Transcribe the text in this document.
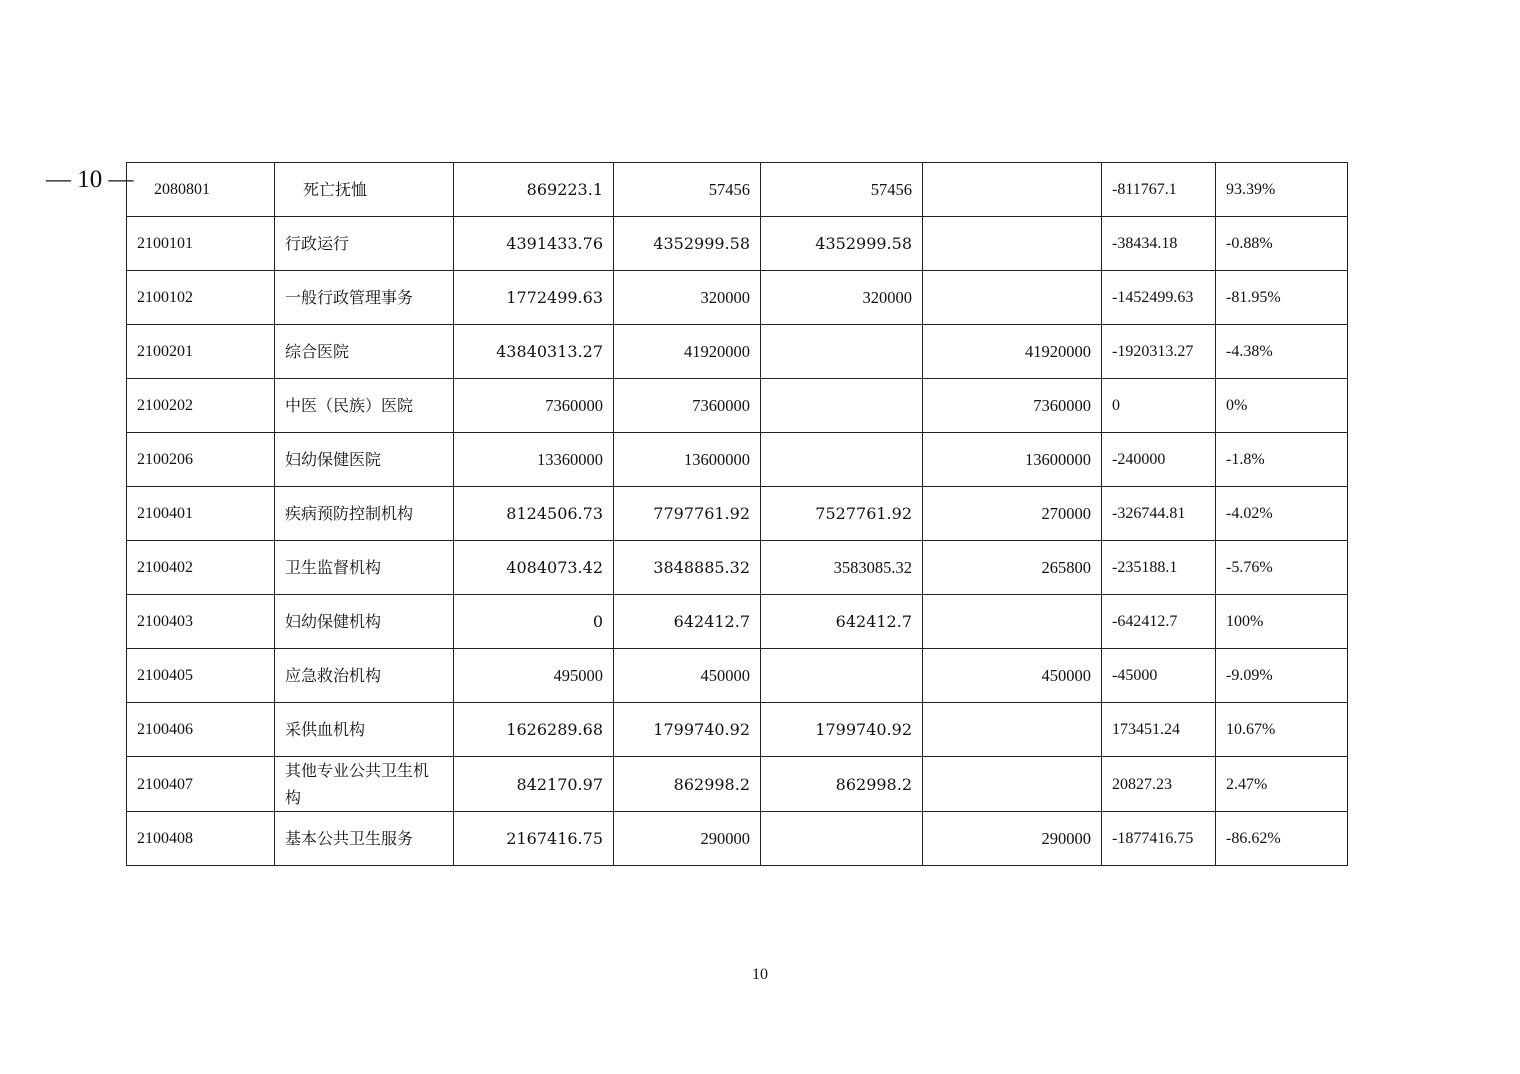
— 10 — 2080801	死亡抚恤	869223.1	57456	57456		-811767.1	93.39%
2100101	行政运行	4391433.76	4352999.58	4352999.58		-38434.18	-0.88%
2100102	一般行政管理事务	1772499.63	320000	320000		-1452499.63	-81.95%
2100201	综合医院	43840313.27	41920000		41920000	-1920313.27	-4.38%
2100202	中医（民族）医院	7360000	7360000		7360000	0	0%
2100206	妇幼保健医院	13360000	13600000		13600000	-240000	-1.8%
2100401	疾病预防控制机构	8124506.73	7797761.92	7527761.92	270000	-326744.81	-4.02%
2100402	卫生监督机构	4084073.42	3848885.32	3583085.32	265800	-235188.1	-5.76%
2100403	妇幼保健机构	0	642412.7	642412.7		-642412.7	100%
2100405	应急救治机构	495000	450000		450000	-45000	-9.09%
2100406	采供血机构	1626289.68	1799740.92	1799740.92		173451.24	10.67%
2100407	其他专业公共卫生机构	842170.97	862998.2	862998.2		20827.23	2.47%
2100408	基本公共卫生服务	2167416.75	290000		290000	-1877416.75	-86.62%
10
